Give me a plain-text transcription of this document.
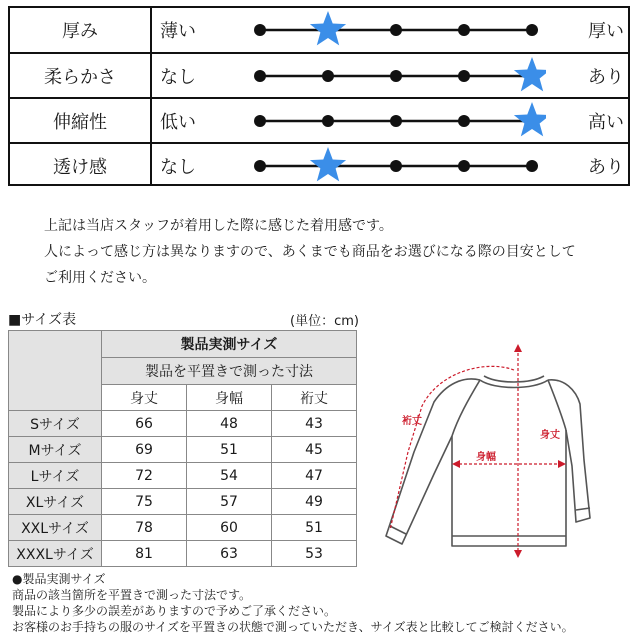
厚み	薄い	厚い
柔らかさ	なし	あり
伸縮性	低い	高い
透け感	なし	あり
上記は当店スタッフが着用した際に感じた着用感です。
人によって感じ方は異なりますので、あくまでも商品をお選びになる際の目安として
ご利用ください。
■サイズ表	(単位：cm)
	製品実測サイズ		
	製品を平置きで測った寸法		
	身丈	身幅	裄丈
Sサイズ	66	48	43
Mサイズ	69	51	45
Lサイズ	72	54	47
XLサイズ	75	57	49
XXLサイズ	78	60	51
XXXLサイズ	81	63	53
裄丈
身丈
身幅
●製品実測サイズ
商品の該当箇所を平置きで測った寸法です。
製品により多少の誤差がありますので予めご了承ください。
お客様のお手持ちの服のサイズを平置きの状態で測っていただき、サイズ表と比較してご検討ください。
